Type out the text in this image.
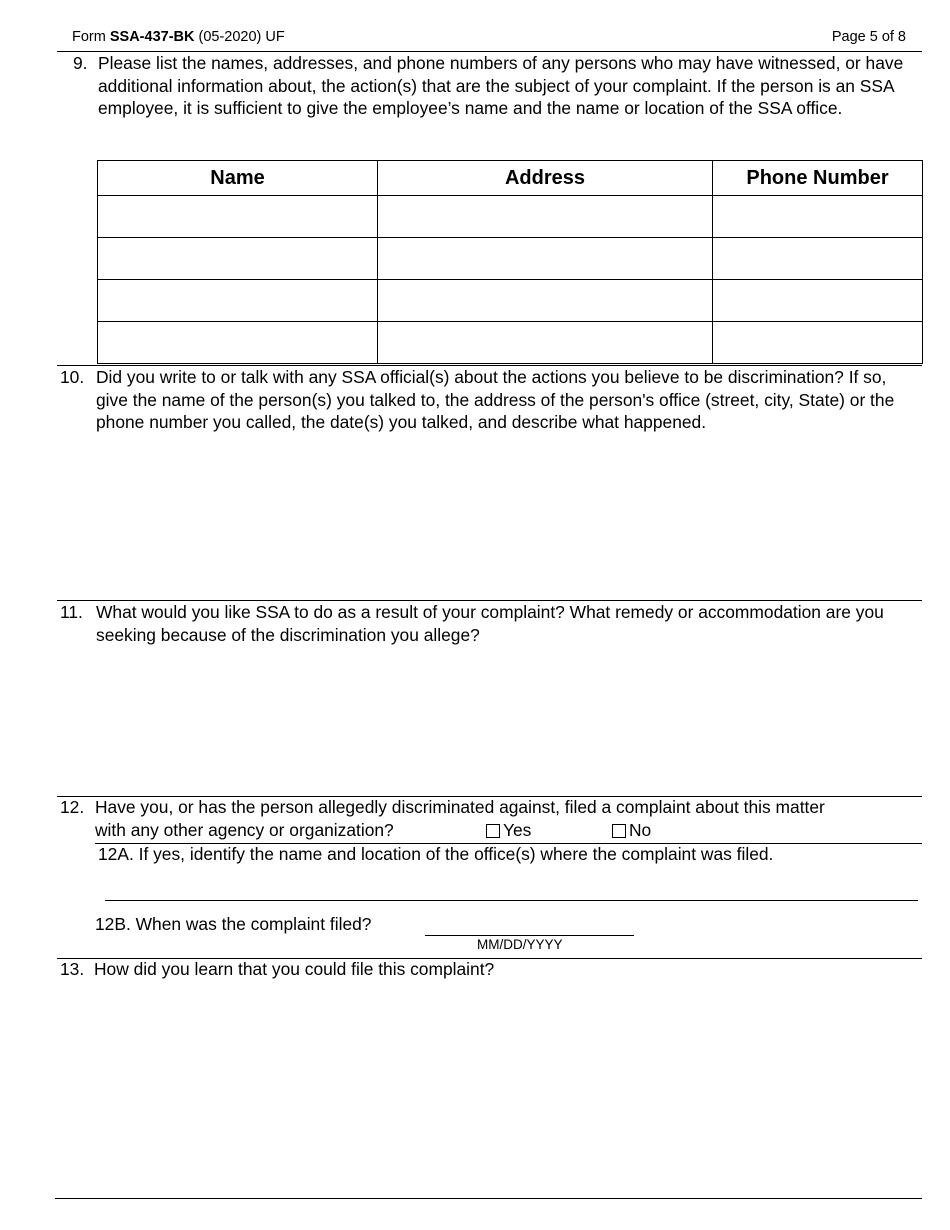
Form SSA-437-BK (05-2020) UF	Page 5 of 8
9. Please list the names, addresses, and phone numbers of any persons who may have witnessed, or have additional information about, the action(s) that are the subject of your complaint. If the person is an SSA employee, it is sufficient to give the employee’s name and the name or location of the SSA office.
Name	Address	Phone Number

10. Did you write to or talk with any SSA official(s) about the actions you believe to be discrimination? If so, give the name of the person(s) you talked to, the address of the person's office (street, city, State) or the phone number you called, the date(s) you talked, and describe what happened.
11. What would you like SSA to do as a result of your complaint? What remedy or accommodation are you seeking because of the discrimination you allege?
12. Have you, or has the person allegedly discriminated against, filed a complaint about this matter
with any other agency or organization?	Yes	No
12A. If yes, identify the name and location of the office(s) where the complaint was filed.
12B. When was the complaint filed?
MM/DD/YYYY
13. How did you learn that you could file this complaint?
